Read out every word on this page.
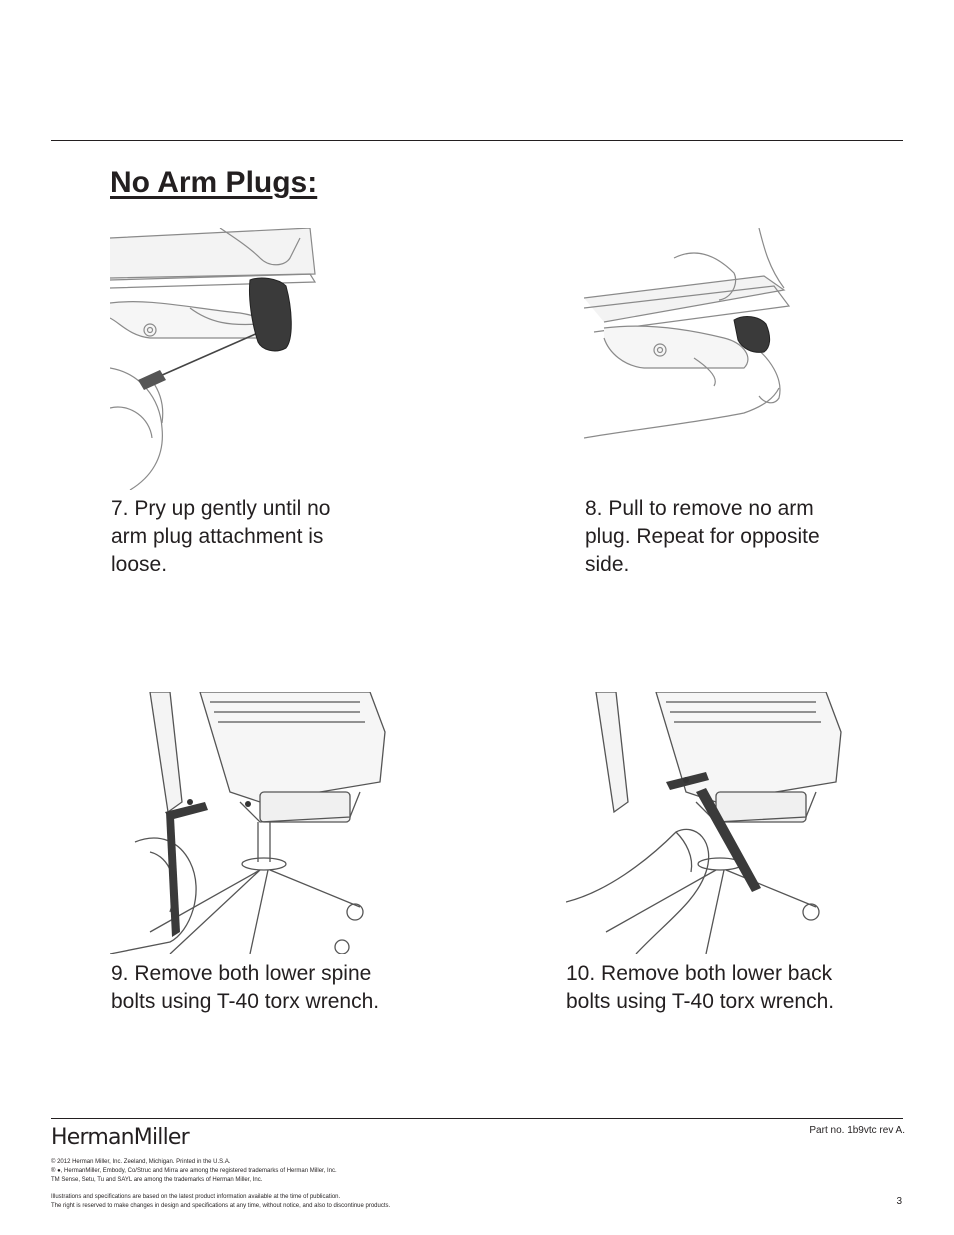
No Arm Plugs:
7. Pry up gently until no
arm plug attachment is
loose.
8. Pull to remove no arm
plug. Repeat for opposite
side.
9. Remove both lower spine
bolts using T-40 torx wrench.
10. Remove both lower back
bolts using T-40 torx wrench.
HermanMiller	Part no. 1b9vtc rev A.
© 2012 Herman Miller, Inc. Zeeland, Michigan. Printed in the U.S.A.
® ●, HermanMiller, Embody, Co/Struc and Mirra are among the registered trademarks of Herman Miller, Inc.
TM Sense, Setu, Tu and SAYL are among the trademarks of Herman Miller, Inc.
Illustrations and specifications are based on the latest product information available at the time of publication.
The right is reserved to make changes in design and specifications at any time, without notice, and also to discontinue products.	3
